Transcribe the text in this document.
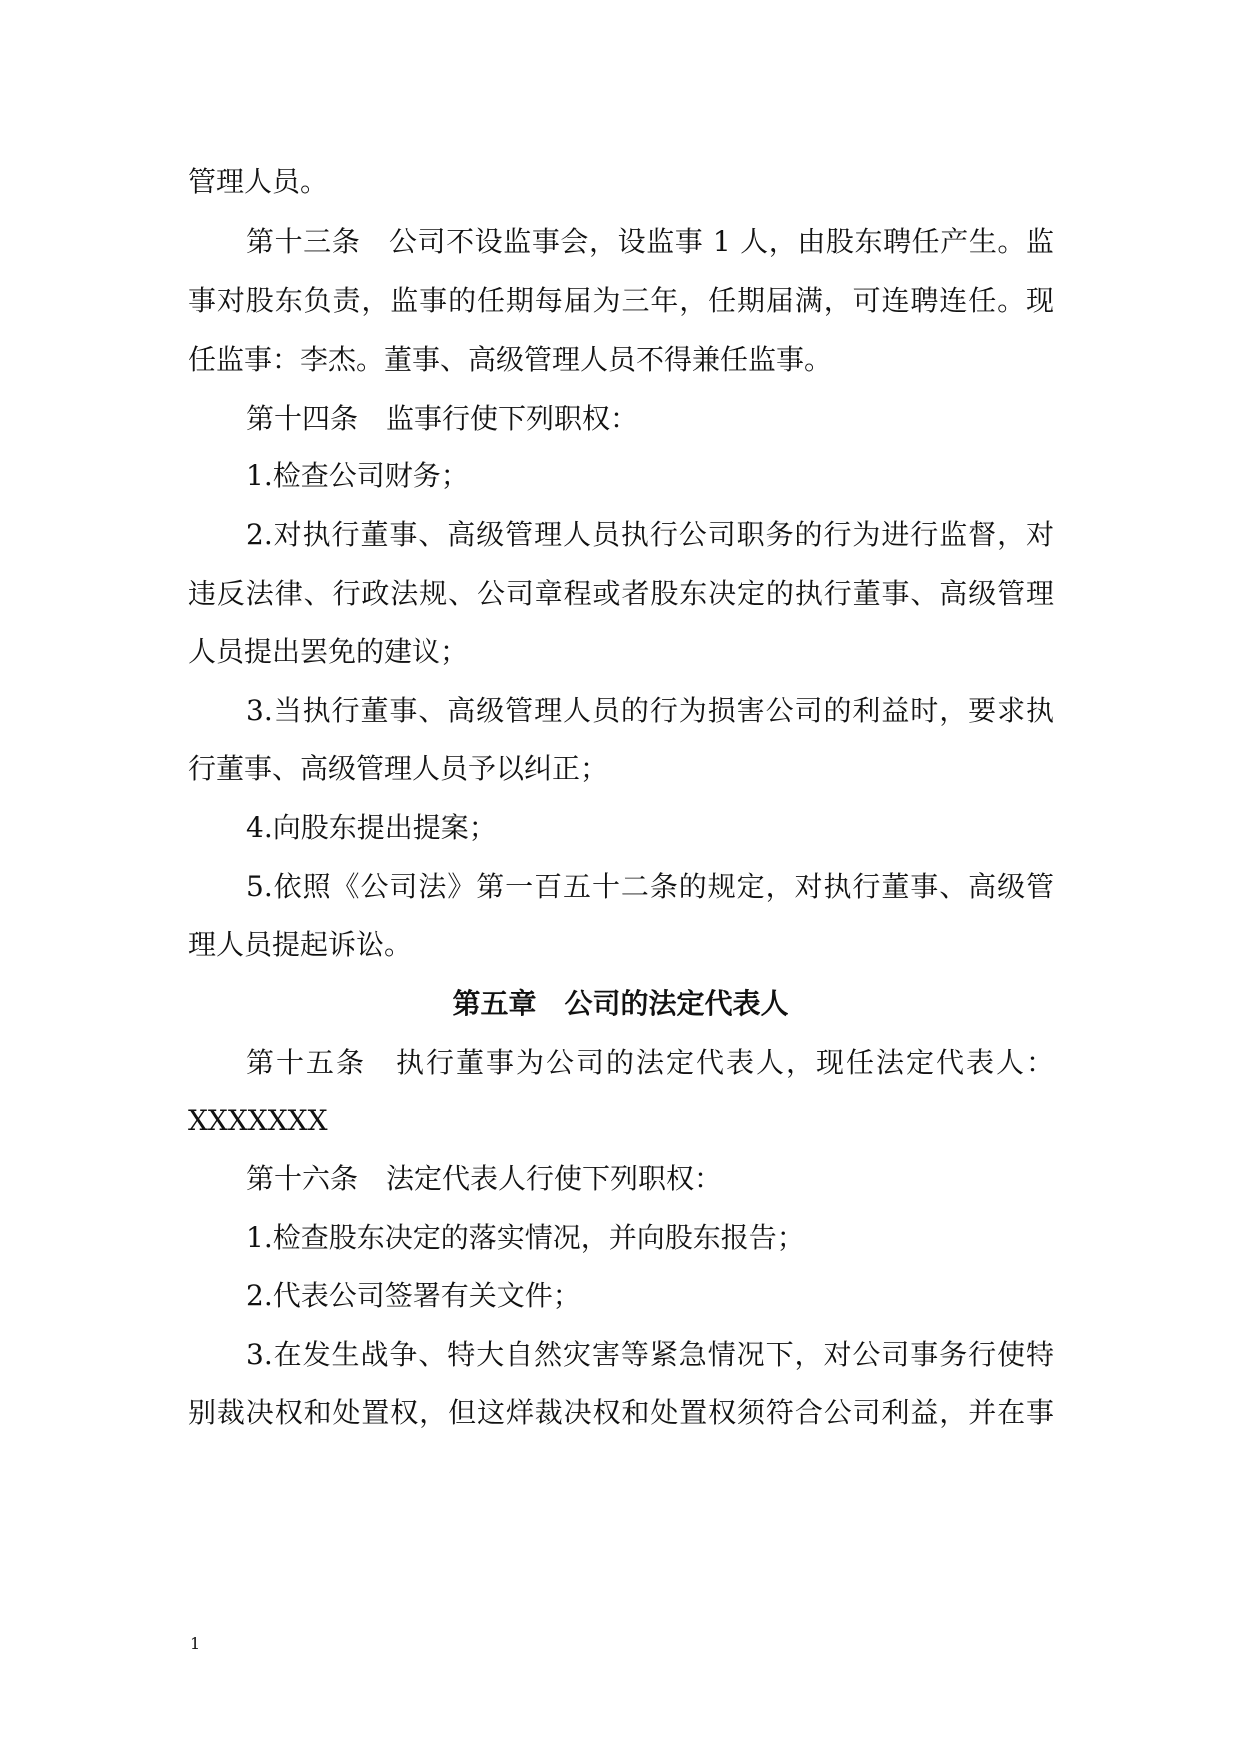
管理人员。
第十三条　公司不设监事会，设监事 1 人，由股东聘任产生。监
事对股东负责，监事的任期每届为三年，任期届满，可连聘连任。现
任监事：李杰。董事、高级管理人员不得兼任监事。
第十四条　监事行使下列职权：
1.检查公司财务；
2.对执行董事、高级管理人员执行公司职务的行为进行监督，对
违反法律、行政法规、公司章程或者股东决定的执行董事、高级管理
人员提出罢免的建议；
3.当执行董事、高级管理人员的行为损害公司的利益时，要求执
行董事、高级管理人员予以纠正；
4.向股东提出提案；
5.依照《公司法》第一百五十二条的规定，对执行董事、高级管
理人员提起诉讼。
第五章　公司的法定代表人
第十五条　执行董事为公司的法定代表人，现任法定代表人：
XXXXXXX
第十六条　法定代表人行使下列职权：
1.检查股东决定的落实情况，并向股东报告；
2.代表公司签署有关文件；
3.在发生战争、特大自然灾害等紧急情况下，对公司事务行使特
别裁决权和处置权，但这烊裁决权和处置权须符合公司利益，并在事
1
